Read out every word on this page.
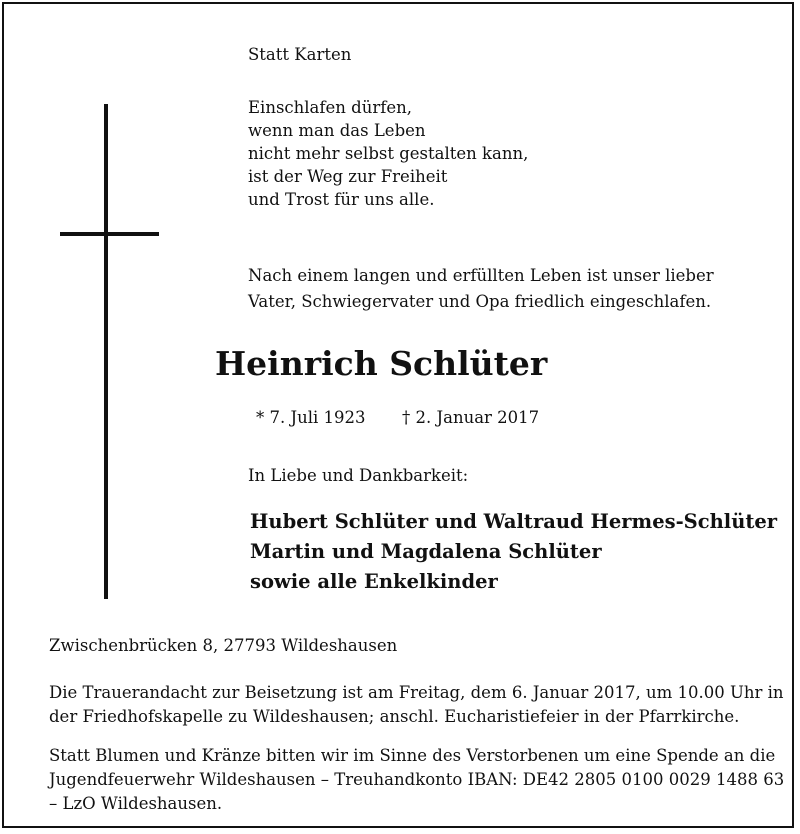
Statt Karten
Einschlafen dürfen,
wenn man das Leben
nicht mehr selbst gestalten kann,
ist der Weg zur Freiheit
und Trost für uns alle.
Nach einem langen und erfüllten Leben ist unser lieber
Vater, Schwiegervater und Opa friedlich eingeschlafen.
Heinrich Schlüter
* 7. Juli 1923 † 2. Januar 2017
In Liebe und Dankbarkeit:
Hubert Schlüter und Waltraud Hermes-Schlüter
Martin und Magdalena Schlüter
sowie alle Enkelkinder
Zwischenbrücken 8, 27793 Wildeshausen
Die Trauerandacht zur Beisetzung ist am Freitag, dem 6. Januar 2017, um 10.00 Uhr in
der Friedhofskapelle zu Wildeshausen; anschl. Eucharistiefeier in der Pfarrkirche.
Statt Blumen und Kränze bitten wir im Sinne des Verstorbenen um eine Spende an die
Jugendfeuerwehr Wildeshausen – Treuhandkonto IBAN: DE42 2805 0100 0029 1488 63
– LzO Wildeshausen.
